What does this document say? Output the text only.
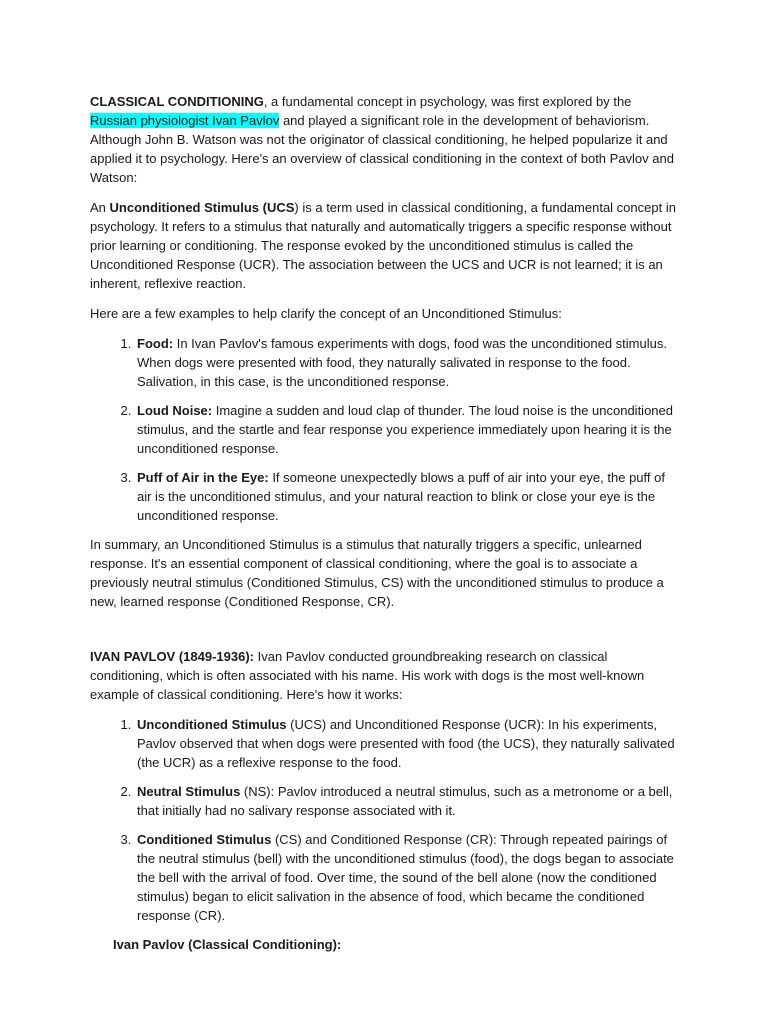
CLASSICAL CONDITIONING, a fundamental concept in psychology, was first explored by the Russian physiologist Ivan Pavlov and played a significant role in the development of behaviorism. Although John B. Watson was not the originator of classical conditioning, he helped popularize it and applied it to psychology. Here's an overview of classical conditioning in the context of both Pavlov and Watson:

An Unconditioned Stimulus (UCS) is a term used in classical conditioning, a fundamental concept in psychology. It refers to a stimulus that naturally and automatically triggers a specific response without prior learning or conditioning. The response evoked by the unconditioned stimulus is called the Unconditioned Response (UCR). The association between the UCS and UCR is not learned; it is an inherent, reflexive reaction.

Here are a few examples to help clarify the concept of an Unconditioned Stimulus:

1. Food: In Ivan Pavlov's famous experiments with dogs, food was the unconditioned stimulus. When dogs were presented with food, they naturally salivated in response to the food. Salivation, in this case, is the unconditioned response.
2. Loud Noise: Imagine a sudden and loud clap of thunder. The loud noise is the unconditioned stimulus, and the startle and fear response you experience immediately upon hearing it is the unconditioned response.
3. Puff of Air in the Eye: If someone unexpectedly blows a puff of air into your eye, the puff of air is the unconditioned stimulus, and your natural reaction to blink or close your eye is the unconditioned response.

In summary, an Unconditioned Stimulus is a stimulus that naturally triggers a specific, unlearned response. It's an essential component of classical conditioning, where the goal is to associate a previously neutral stimulus (Conditioned Stimulus, CS) with the unconditioned stimulus to produce a new, learned response (Conditioned Response, CR).

IVAN PAVLOV (1849-1936): Ivan Pavlov conducted groundbreaking research on classical conditioning, which is often associated with his name. His work with dogs is the most well-known example of classical conditioning. Here's how it works:

1. Unconditioned Stimulus (UCS) and Unconditioned Response (UCR): In his experiments, Pavlov observed that when dogs were presented with food (the UCS), they naturally salivated (the UCR) as a reflexive response to the food.
2. Neutral Stimulus (NS): Pavlov introduced a neutral stimulus, such as a metronome or a bell, that initially had no salivary response associated with it.
3. Conditioned Stimulus (CS) and Conditioned Response (CR): Through repeated pairings of the neutral stimulus (bell) with the unconditioned stimulus (food), the dogs began to associate the bell with the arrival of food. Over time, the sound of the bell alone (now the conditioned stimulus) began to elicit salivation in the absence of food, which became the conditioned response (CR).

Ivan Pavlov (Classical Conditioning):
